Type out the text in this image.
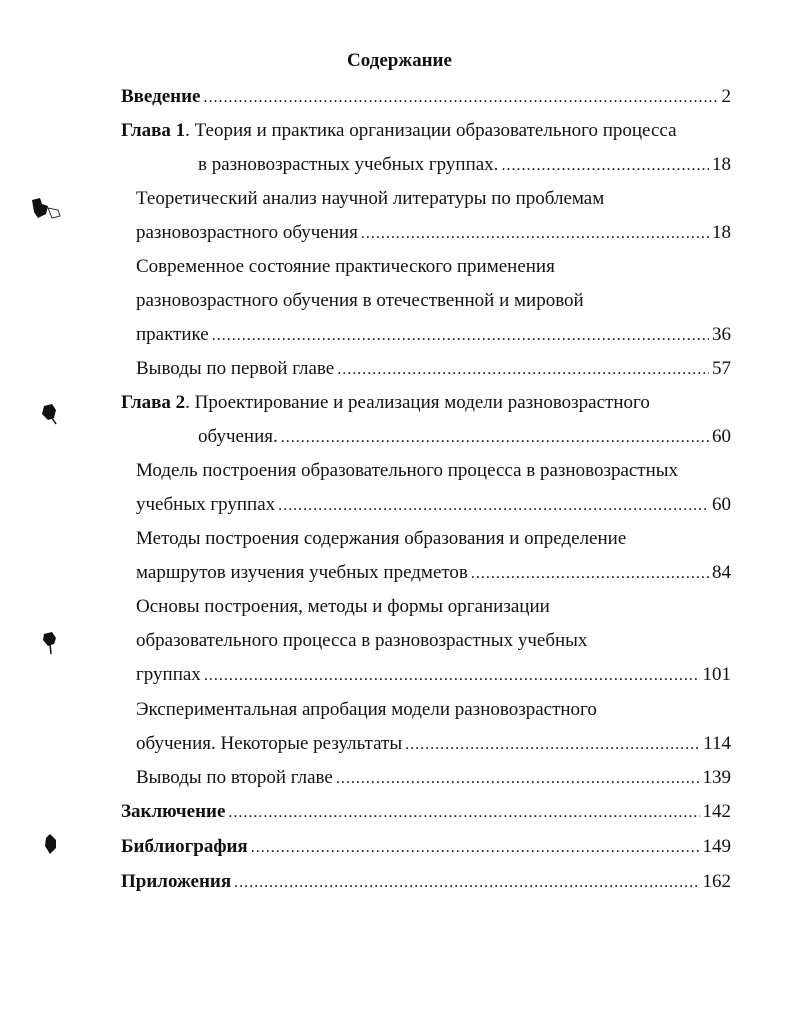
Содержание
Введение .....	2
Глава 1 . Теория и практика организации образовательного процесса
в разновозрастных учебных группах. .....	18
Теоретический анализ научной литературы по проблемам
разновозрастного обучения .....	18
Современное состояние практического применения
разновозрастного обучения в отечественной и мировой
практике .....	36
Выводы по первой главе .....	57
Глава 2 . Проектирование и реализация модели разновозрастного
обучения. .....	60
Модель построения образовательного процесса в разновозрастных
учебных группах .....	60
Методы построения содержания образования и определение
маршрутов изучения учебных предметов .....	84
Основы построения, методы и формы организации
образовательного процесса в разновозрастных учебных
группах .....	101
Экспериментальная апробация модели разновозрастного
обучения. Некоторые результаты .....	114
Выводы по второй главе .....	139
Заключение .....	142
Библиография .....	149
Приложения .....	162
